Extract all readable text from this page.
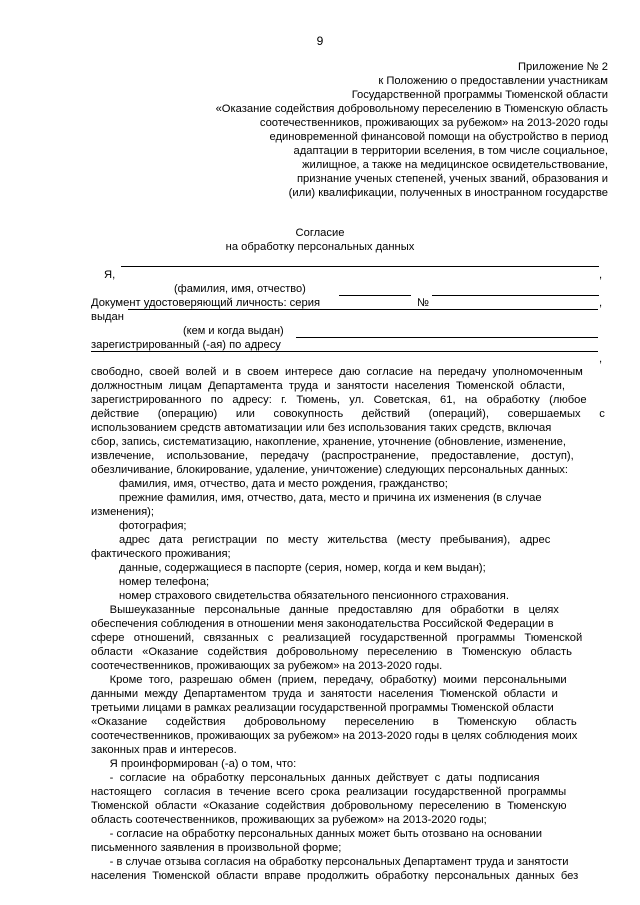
9
Приложение № 2
к Положению о предоставлении участникам
Государственной программы Тюменской области
«Оказание содействия добровольному переселению в Тюменскую область
соотечественников, проживающих за рубежом» на 2013-2020 годы
единовременной финансовой помощи на обустройство в период
адаптации в территории вселения, в том числе социальное,
жилищное, а также на медицинское освидетельствование,
признание ученых степеней, ученых званий, образования и
(или) квалификации, полученных в иностранном государстве
Согласие
на обработку персональных данных
Я,	,
(фамилия, имя, отчество)
Документ удостоверяющий личность: серия	№	,
выдан
(кем и когда выдан)
зарегистрированный (-ая) по адресу
,
свободно,  своей  волей  и  в  своем  интересе  даю  согласие  на  передачу  уполномоченным
должностным  лицам  Департамента  труда  и  занятости  населения  Тюменской  области,
зарегистрированного   по   адресу:   г.   Тюмень,   ул.   Советская,   61,   на   обработку   (любое
действие      (операцию)      или      совокупность      действий      (операций),      совершаемых      с
использованием средств автоматизации или без использования таких средств, включая
сбор, запись, систематизацию, накопление, хранение, уточнение (обновление, изменение,
извлечение,    использование,    передачу    (распространение,    предоставление,    доступ),
обезличивание, блокирование, удаление, уничтожение) следующих персональных данных:
фамилия, имя, отчество, дата и место рождения, гражданство;
прежние фамилия, имя, отчество, дата, место и причина их изменения (в случае
изменения);
фотография;
адрес   дата   регистрации   по   месту   жительства   (месту   пребывания),   адрес
фактического проживания;
данные, содержащиеся в паспорте (серия, номер, когда и кем выдан);
номер телефона;
номер страхового свидетельства обязательного пенсионного страхования.
Вышеуказанные   персональные   данные   предоставляю   для   обработки   в   целях
обеспечения соблюдения в отношении меня законодательства Российской Федерации в
сфере   отношений,   связанных   с   реализацией   государственной   программы   Тюменской
области   «Оказание   содействия   добровольному   переселению   в   Тюменскую   область
соотечественников, проживающих за рубежом» на 2013-2020 годы.
Кроме  того,  разрешаю  обмен  (прием,  передачу,  обработку)  моими  персональными
данными  между  Департаментом  труда  и  занятости  населения  Тюменской  области  и
третьими лицами в рамках реализации государственной программы Тюменской области
«Оказание      содействия      добровольному      переселению      в      Тюменскую      область
соотечественников, проживающих за рубежом» на 2013-2020 годы в целях соблюдения моих
законных прав и интересов.
Я проинформирован (-а) о том, что:
-  согласие  на  обработку  персональных  данных  действует  с  даты  подписания
настоящего    согласия  в  течение  всего  срока  реализации  государственной  программы
Тюменской  области  «Оказание  содействия  добровольному  переселению  в  Тюменскую
область соотечественников, проживающих за рубежом» на 2013-2020 годы;
- согласие на обработку персональных данных может быть отозвано на основании
письменного заявления в произвольной форме;
- в случае отзыва согласия на обработку персональных Департамент труда и занятости
населения  Тюменской  области  вправе  продолжить  обработку  персональных  данных  без
